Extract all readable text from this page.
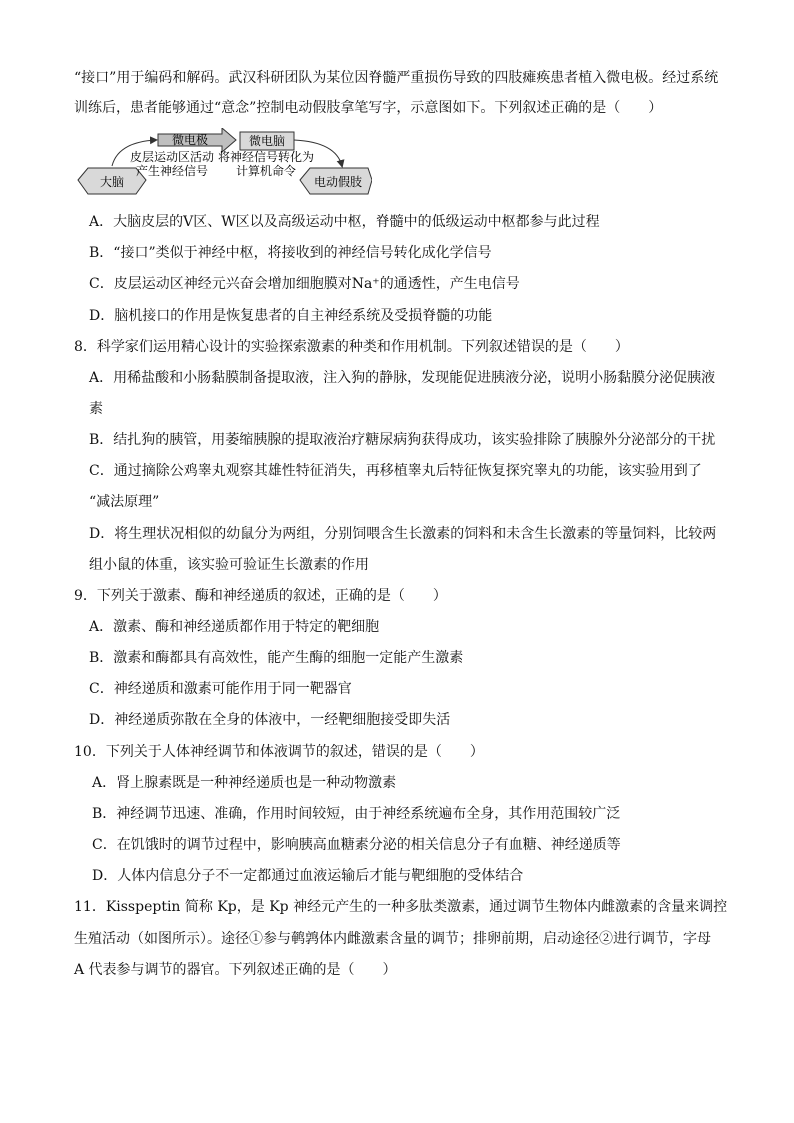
“接口”用于编码和解码。武汉科研团队为某位因脊髓严重损伤导致的四肢瘫痪患者植入微电极。经过系统
训练后，患者能够通过“意念”控制电动假肢拿笔写字，示意图如下。下列叙述正确的是（　　）
大脑	电动假肢
微电极	微电脑
皮层运动区活动
产生神经信号
将神经信号转化为
计算机命令
A．大脑皮层的V区、W区以及高级运动中枢，脊髓中的低级运动中枢都参与此过程
B．“接口”类似于神经中枢，将接收到的神经信号转化成化学信号
C．皮层运动区神经元兴奋会增加细胞膜对Na⁺的通透性，产生电信号
D．脑机接口的作用是恢复患者的自主神经系统及受损脊髓的功能
8．科学家们运用精心设计的实验探索激素的种类和作用机制。下列叙述错误的是（　　）
A．用稀盐酸和小肠黏膜制备提取液，注入狗的静脉，发现能促进胰液分泌，说明小肠黏膜分泌促胰液
素
B．结扎狗的胰管，用萎缩胰腺的提取液治疗糖尿病狗获得成功，该实验排除了胰腺外分泌部分的干扰
C．通过摘除公鸡睾丸观察其雄性特征消失，再移植睾丸后特征恢复探究睾丸的功能，该实验用到了
“减法原理”
D．将生理状况相似的幼鼠分为两组，分别饲喂含生长激素的饲料和未含生长激素的等量饲料，比较两
组小鼠的体重，该实验可验证生长激素的作用
9．下列关于激素、酶和神经递质的叙述，正确的是（　　）
A．激素、酶和神经递质都作用于特定的靶细胞
B．激素和酶都具有高效性，能产生酶的细胞一定能产生激素
C．神经递质和激素可能作用于同一靶器官
D．神经递质弥散在全身的体液中，一经靶细胞接受即失活
10．下列关于人体神经调节和体液调节的叙述，错误的是（　　）
A．肾上腺素既是一种神经递质也是一种动物激素
B．神经调节迅速、准确，作用时间较短，由于神经系统遍布全身，其作用范围较广泛
C．在饥饿时的调节过程中，影响胰高血糖素分泌的相关信息分子有血糖、神经递质等
D．人体内信息分子不一定都通过血液运输后才能与靶细胞的受体结合
11．Kisspeptin 简称 Kp，是 Kp 神经元产生的一种多肽类激素，通过调节生物体内雌激素的含量来调控
生殖活动（如图所示）。途径①参与鹌鹑体内雌激素含量的调节；排卵前期，启动途径②进行调节，字母
A 代表参与调节的器官。下列叙述正确的是（　　）
